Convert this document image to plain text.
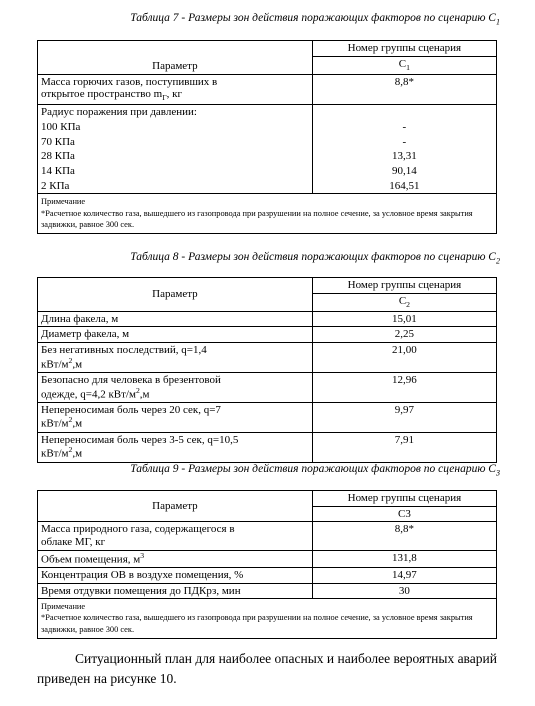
Таблица 7 - Размеры зон действия поражающих факторов по сценарию $С_1$
	Номер группы сценария
Параметр	$С_1$
Масса горючих газов, поступивших в
открытое пространство $m_Г$, кг	8,8*
Радиус поражения при давлении:	
100 КПа	-
70 КПа	-
28 КПа	13,31
14 КПа	90,14
2 КПа	164,51
Примечание
*Расчетное количество газа, вышедшего из газопровода при разрушении на полное сечение, за условное время закрытия задвижки, равное 300 сек.	
Таблица 8 - Размеры зон действия поражающих факторов по сценарию $С_2$
Параметр	Номер группы сценария
	$С_2$
Длина факела, м	15,01
Диаметр факела, м	2,25
Без негативных последствий, q=1,4
кВт/$м^2,м$	21,00
Безопасно для человека в брезентовой
одежде, q=4,2 кВт/$м^2,м$	12,96
Непереносимая боль через 20 сек, q=7
кВт/$м^2,м$	9,97
Непереносимая боль через 3-5 сек, q=10,5
кВт/$м^2,м$	7,91
Таблица 9 - Размеры зон действия поражающих факторов по сценарию $С_3$
Параметр	Номер группы сценария
	С3
Масса природного газа, содержащегося в
облаке МГ, кг	8,8*
Объем помещения, $м^3$	131,8
Концентрация ОВ в воздухе помещения, %	14,97
Время отдувки помещения до ПДКрз, мин	30
Примечание
*Расчетное количество газа, вышедшего из газопровода при разрушении на полное сечение, за условное время закрытия задвижки, равное 300 сек.	
Ситуационный план для наиболее опасных и наиболее вероятных аварий
приведен на рисунке 10.
